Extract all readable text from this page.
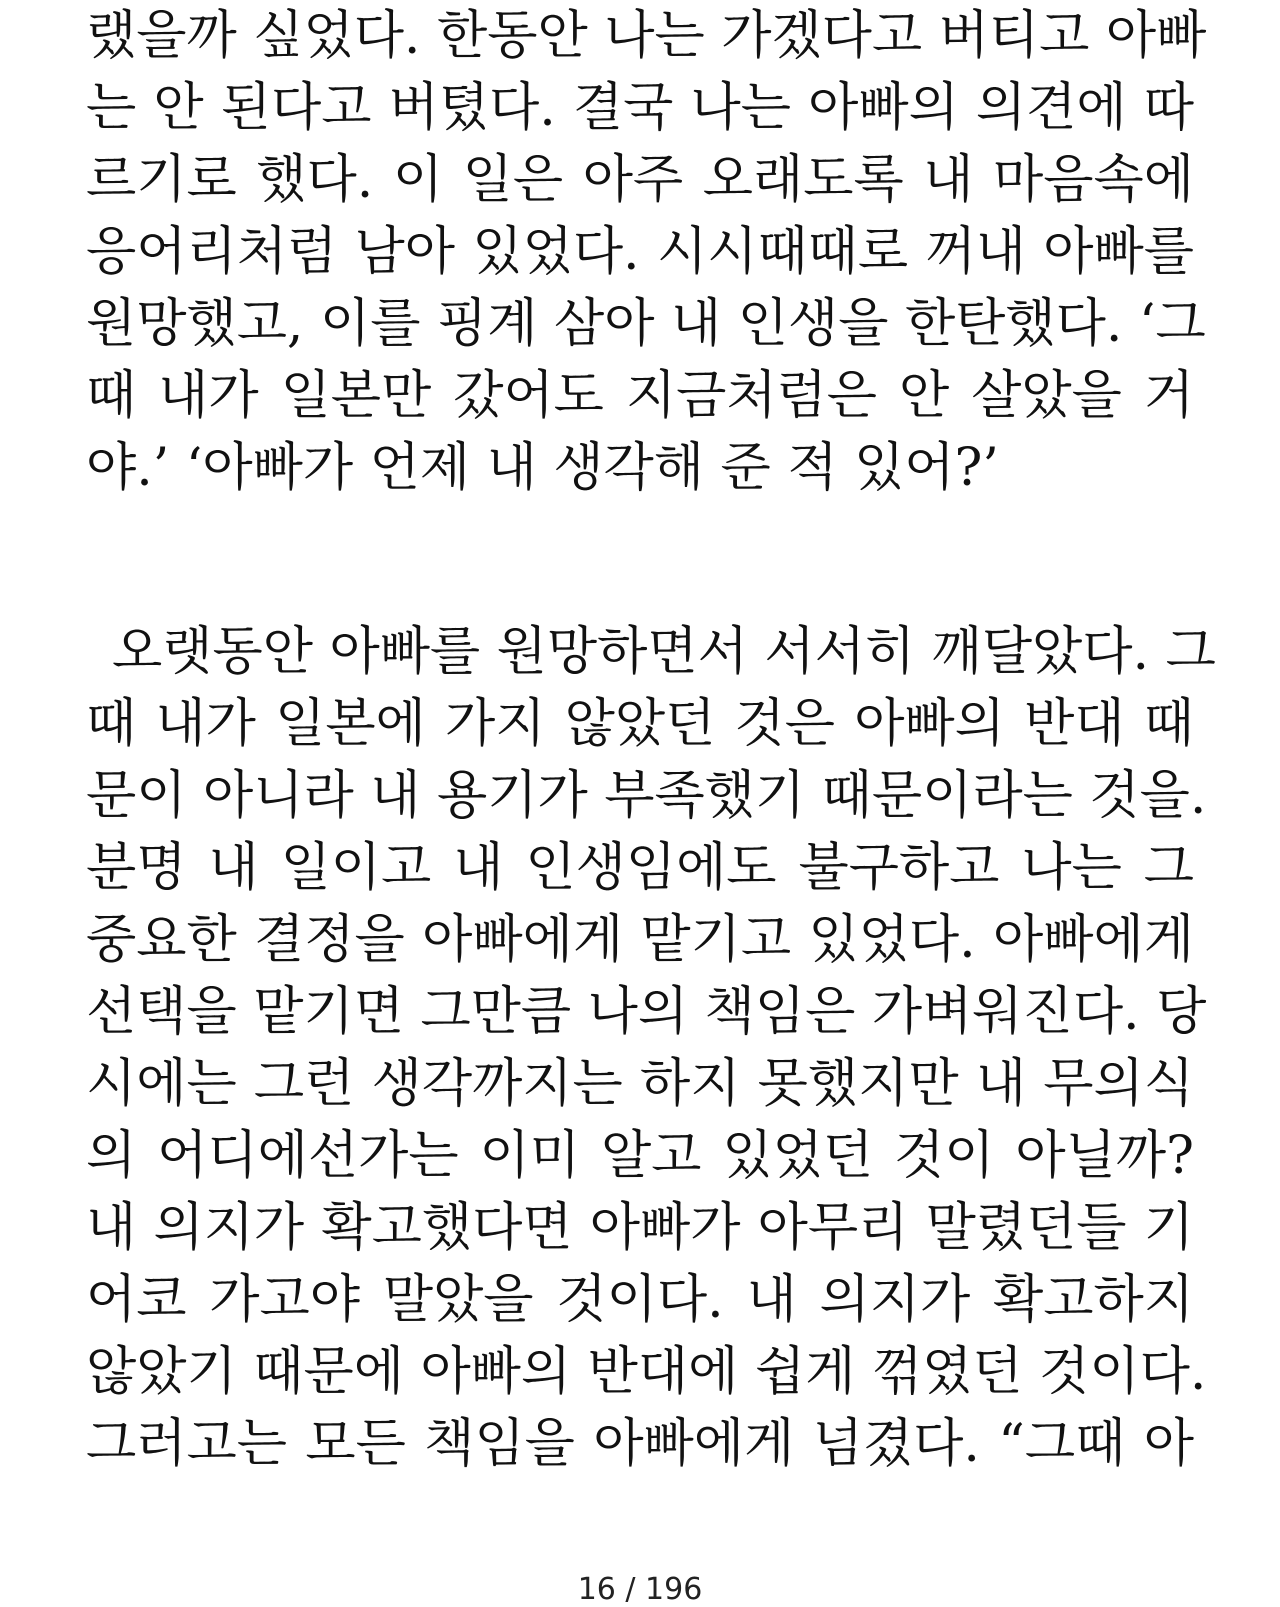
랬을까 싶었다. 한동안 나는 가겠다고 버티고 아빠
는 안 된다고 버텼다. 결국 나는 아빠의 의견에 따
르기로 했다. 이 일은 아주 오래도록 내 마음속에
응어리처럼 남아 있었다. 시시때때로 꺼내 아빠를
원망했고, 이를 핑계 삼아 내 인생을 한탄했다. ‘그
때 내가 일본만 갔어도 지금처럼은 안 살았을 거
야.’ ‘아빠가 언제 내 생각해 준 적 있어?’
오랫동안 아빠를 원망하면서 서서히 깨달았다. 그
때 내가 일본에 가지 않았던 것은 아빠의 반대 때
문이 아니라 내 용기가 부족했기 때문이라는 것을.
분명 내 일이고 내 인생임에도 불구하고 나는 그
중요한 결정을 아빠에게 맡기고 있었다. 아빠에게
선택을 맡기면 그만큼 나의 책임은 가벼워진다. 당
시에는 그런 생각까지는 하지 못했지만 내 무의식
의 어디에선가는 이미 알고 있었던 것이 아닐까?
내 의지가 확고했다면 아빠가 아무리 말렸던들 기
어코 가고야 말았을 것이다. 내 의지가 확고하지
않았기 때문에 아빠의 반대에 쉽게 꺾였던 것이다.
그러고는 모든 책임을 아빠에게 넘겼다. “그때 아
16 / 196
